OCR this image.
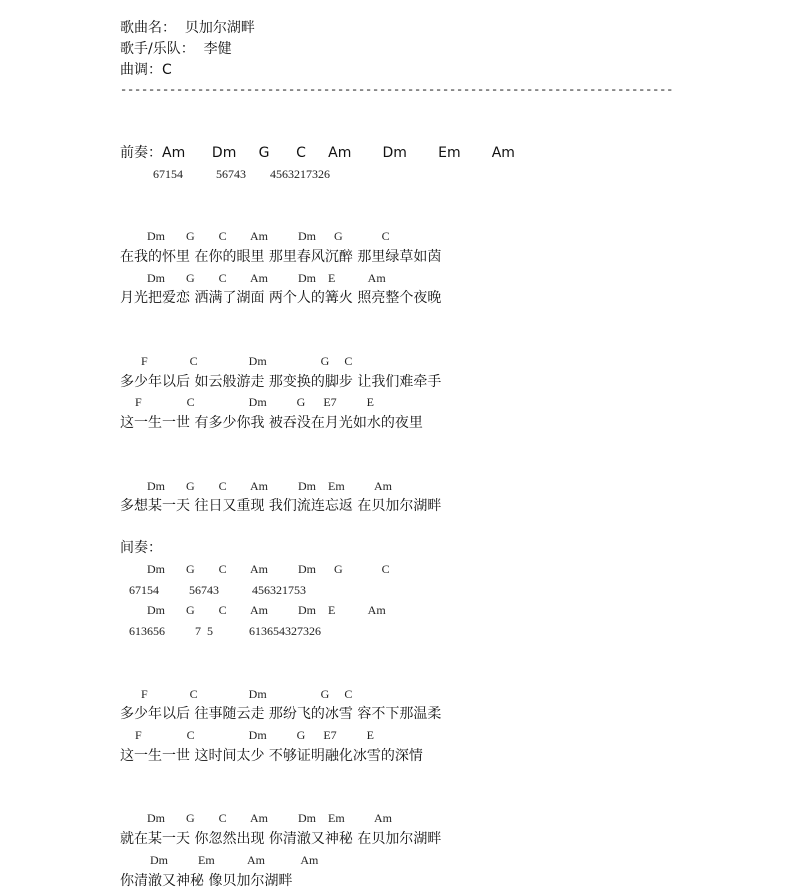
歌曲名：  贝加尔湖畔
歌手/乐队：  李健
曲调：C
-------------------------------------------------------------------------------
前奏：Am      Dm     G      C     Am       Dm       Em       Am
67154           56743        4563217326
Dm       G        C        Am          Dm      G             C
在我的怀里 在你的眼里 那里春风沉醉 那里绿草如茵
Dm       G        C        Am          Dm    E           Am
月光把爱恋 洒满了湖面 两个人的篝火 照亮整个夜晚
F              C                 Dm                  G     C
多少年以后 如云般游走 那变换的脚步 让我们难牵手
F               C                  Dm          G      E7          E
这一生一世 有多少你我 被吞没在月光如水的夜里
Dm       G        C        Am          Dm    Em          Am
多想某一天 往日又重现 我们流连忘返 在贝加尔湖畔
间奏：
Dm       G        C        Am          Dm      G             C
67154          56743           456321753
Dm       G        C        Am          Dm    E           Am
613656          7  5            613654327326
F              C                 Dm                  G     C
多少年以后 往事随云走 那纷飞的冰雪 容不下那温柔
F               C                  Dm          G      E7          E
这一生一世 这时间太少 不够证明融化冰雪的深情
Dm       G        C        Am          Dm    Em          Am
就在某一天 你忽然出现 你清澈又神秘 在贝加尔湖畔
Dm          Em           Am            Am
你清澈又神秘 像贝加尔湖畔
